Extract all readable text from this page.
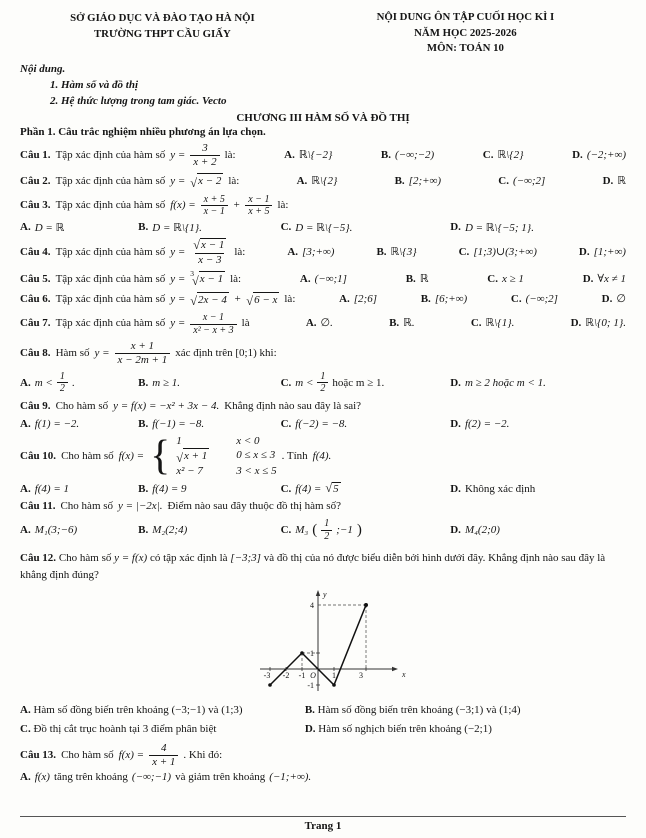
SỞ GIÁO DỤC VÀ ĐÀO TẠO HÀ NỘI
TRƯỜNG THPT CẦU GIẤY
NỘI DUNG ÔN TẬP CUỐI HỌC KÌ I
NĂM HỌC 2025-2026
MÔN: TOÁN 10
Nội dung.
1. Hàm số và đồ thị
2. Hệ thức lượng trong tam giác. Vecto
CHƯƠNG III HÀM SỐ VÀ ĐỒ THỊ
Phần 1. Câu trắc nghiệm nhiều phương án lựa chọn.
Câu 1. Tập xác định của hàm số $y = \frac{3}{x + 2}$ là:	A. ℝ\{−2}	B. (−∞;−2)	C. ℝ\{2}	D. (−2;+∞)
Câu 2. Tập xác định của hàm số y = √ x − 2 là:	A. ℝ\{2}	B. [2;+∞)	C. (−∞;2]	D. ℝ
Câu 3. Tập xác định của hàm số $f(x) = \frac{x + 5}{x - 1} + \frac{x - 1}{x + 5}$ là:
A. D = ℝ	B. D = ℝ\{1}.	C. D = ℝ\{−5}.	D. D = ℝ\{−5; 1}.
Câu 4. Tập xác định của hàm số $y = \frac{√ x - 1}{x - 3}$ là:	A. [3;+∞)	B. ℝ\{3}	C. [1;3)∪(3;+∞)	D. [1;+∞)
Câu 5. Tập xác định của hàm số y = 3
√ x − 1 là:	A. (−∞;1]	B. ℝ	C. x ≥ 1	D. ∀x ≠ 1
Câu 6. Tập xác định của hàm số y = √ 2x − 4 + √ 6 − x là:	A. [2;6]	B. [6;+∞)	C. (−∞;2]	D. ∅
Câu 7. Tập xác định của hàm số $y = \frac{x - 1}{\text{x² − x + 3}}$ là	A. ∅.	B. ℝ.	C. ℝ\{1}.	D. ℝ\{0; 1}.
Câu 8. Hàm số $y = \frac{x + 1}{x - 2m + 1}$ xác định trên [0;1) khi:
A. $m < \frac{1}{2}$ .	B. m ≥ 1.	C. $m < \frac{1}{2}$ hoặc m ≥ 1.	D. m ≥ 2 hoặc m < 1.
Câu 9. Cho hàm số y = f(x) = −x² + 3x − 4. Khẳng định nào sau đây là sai?
A. f(1) = −2.	B. f(−1) = −8.	C. f(−2) = −8.	D. f(2) = −2.
Câu 10. Cho hàm số f(x) = { 1	x < 0
√ x + 1	0 ≤ x ≤ 3
x² − 7	3 < x ≤ 5
. Tính f(4).
A. f(4) = 1	B. f(4) = 9	C. f(4) = √ 5	D. Không xác định
Câu 11. Cho hàm số y = |−2x|. Điểm nào sau đây thuộc đồ thị hàm số?
A. M₁(3;−6)	B. M₂(2;4)	C. M₃ ( $\frac{1}{2}$ ;−1 )	D. M₄(2;0)
Câu 12. Cho hàm số y = f(x) có tập xác định là [−3;3] và đồ thị của nó được biểu diễn bởi hình dưới đây. Khẳng định nào sau đây là khẳng định đúng?
-3 -2 -1 O 1	3
4
1
-1
x
y
A. Hàm số đồng biến trên khoảng (−3;−1) và (1;3)	B. Hàm số đồng biến trên khoảng (−3;1) và (1;4)
C. Đồ thị cắt trục hoành tại 3 điểm phân biệt	D. Hàm số nghịch biến trên khoảng (−2;1)
Câu 13. Cho hàm số $f(x) = \frac{4}{x + 1}$ . Khi đó:
A. f(x) tăng trên khoảng (−∞;−1) và giảm trên khoảng (−1;+∞).
Trang 1
